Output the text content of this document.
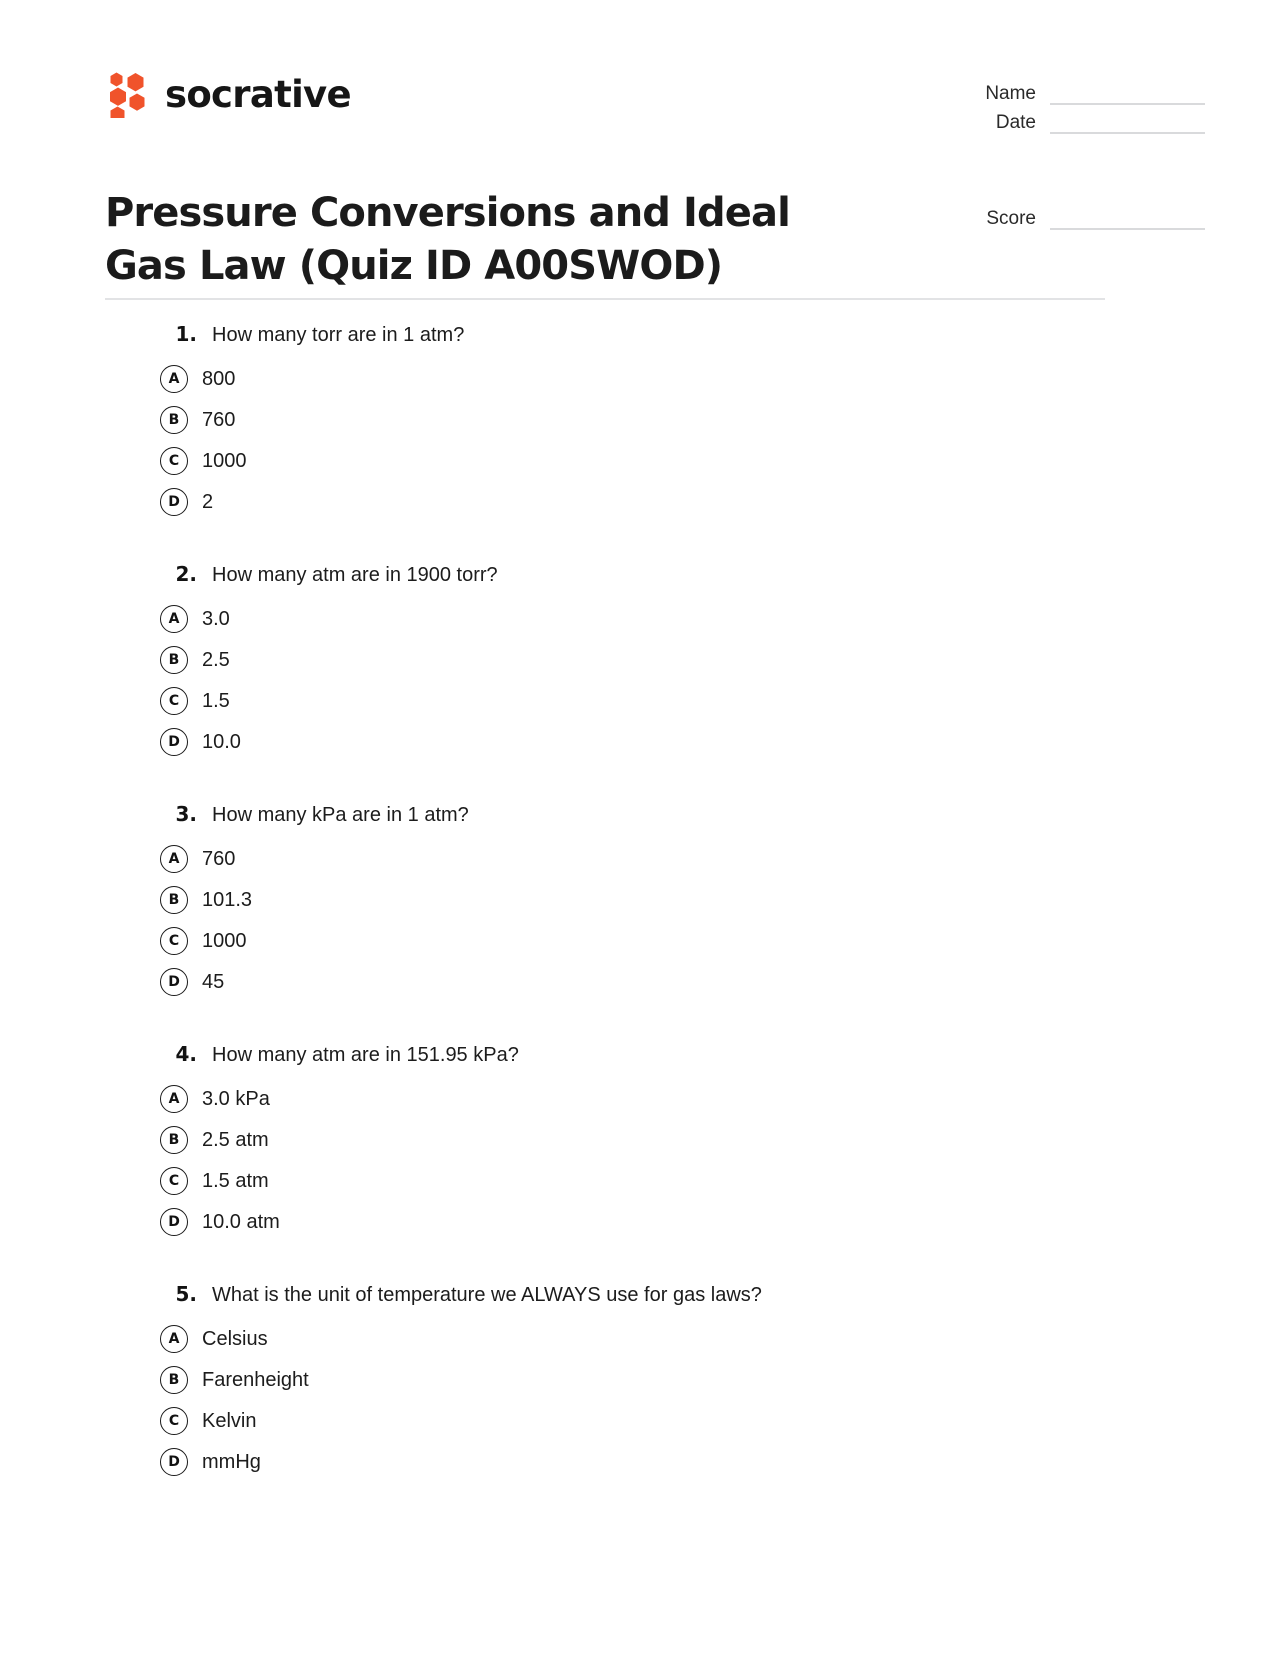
socrative	Name
Date
Score
Pressure Conversions and Ideal Gas Law (Quiz ID A00SWOD)
1. How many torr are in 1 atm?
A	800
B	760
C	1000
D	2
2. How many atm are in 1900 torr?
A	3.0
B	2.5
C	1.5
D	10.0
3. How many kPa are in 1 atm?
A	760
B	101.3
C	1000
D	45
4. How many atm are in 151.95 kPa?
A	3.0 kPa
B	2.5 atm
C	1.5 atm
D	10.0 atm
5. What is the unit of temperature we ALWAYS use for gas laws?
A	Celsius
B	Farenheight
C	Kelvin
D	mmHg
